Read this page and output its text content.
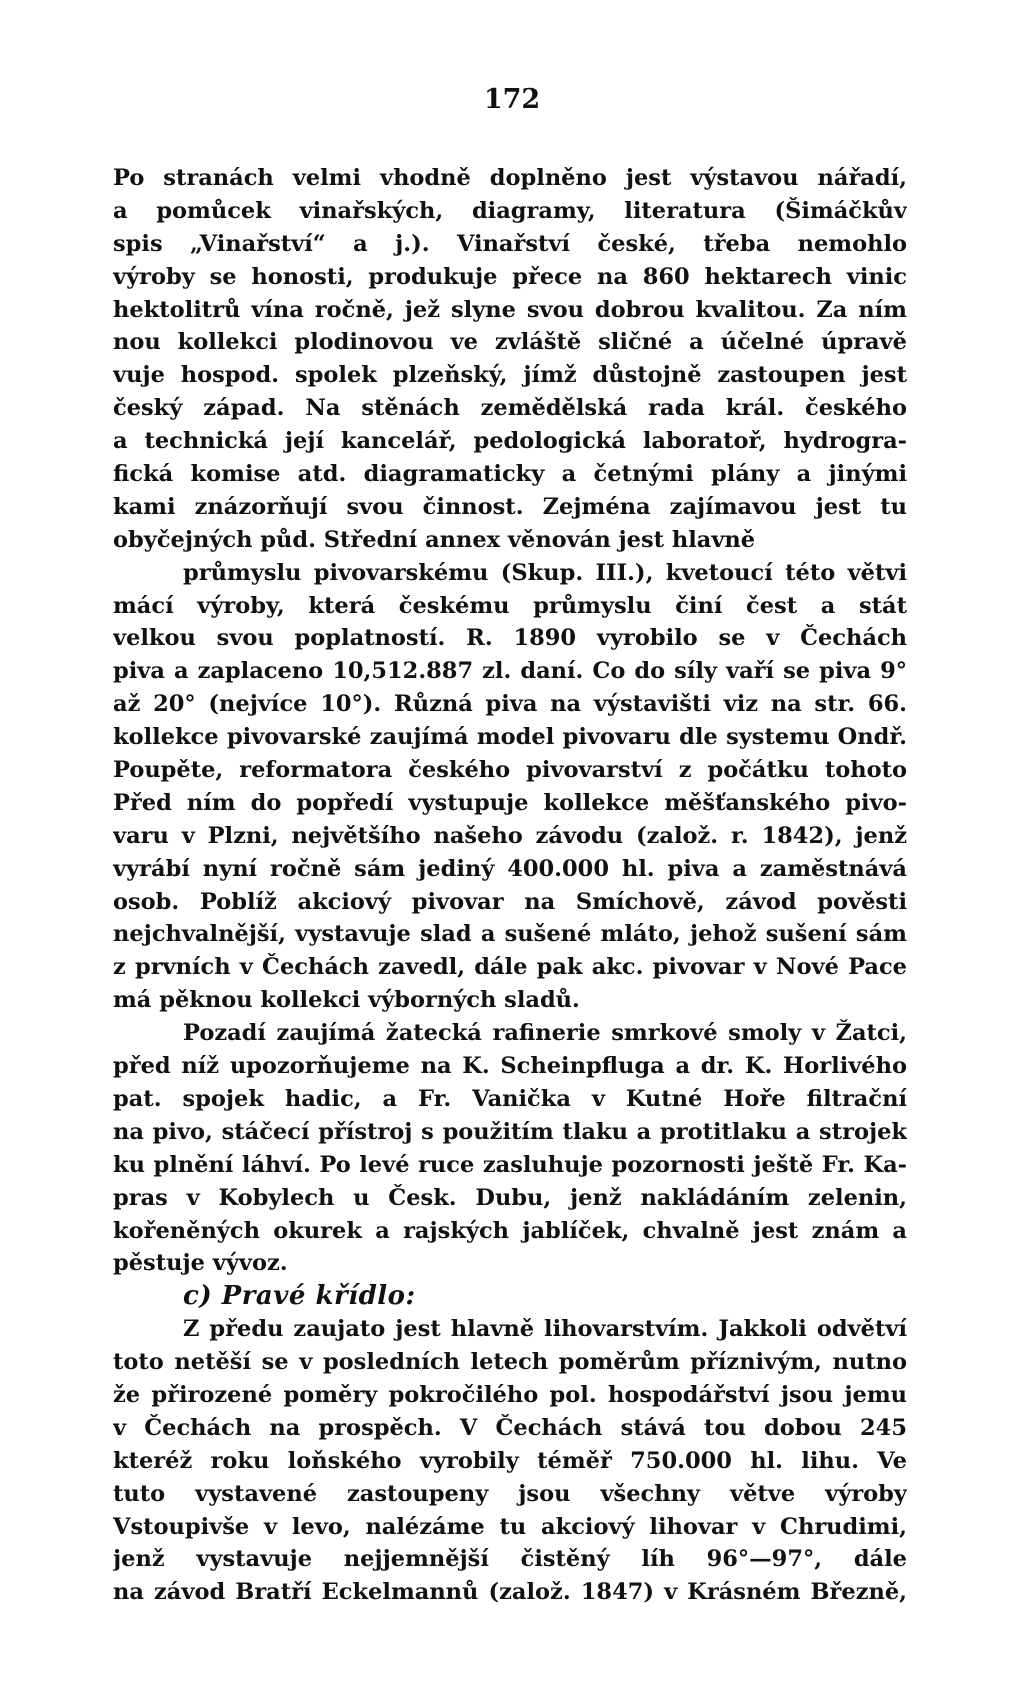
172
Po stranách velmi vhodně doplněno jest výstavou nářadí,
a pomůcek vinařských, diagramy, literatura (Šimáčkův
spis „Vinařství“ a j.). Vinařství české, třeba nemohlo
výroby se honosti, produkuje přece na 860 hektarech vinic
hektolitrů vína ročně, jež slyne svou dobrou kvalitou. Za ním
nou kollekci plodinovou ve zvláště sličné a účelné úpravě
vuje hospod. spolek plzeňský, jímž důstojně zastoupen jest
český západ. Na stěnách zemědělská rada král. českého
a technická její kancelář, pedologická laboratoř, hydrogra-
fická komise atd. diagramaticky a četnými plány a jinými
kami znázorňují svou činnost. Zejména zajímavou jest tu
obyčejných půd. Střední annex věnován jest hlavně
průmyslu pivovarskému (Skup. III.), kvetoucí této větvi
mácí výroby, která českému průmyslu činí čest a stát
velkou svou poplatností. R. 1890 vyrobilo se v Čechách
piva a zaplaceno 10,512.887 zl. daní. Co do síly vaří se piva 9°
až 20° (nejvíce 10°). Různá piva na výstavišti viz na str. 66.
kollekce pivovarské zaujímá model pivovaru dle systemu Ondř.
Poupěte, reformatora českého pivovarství z počátku tohoto
Před ním do popředí vystupuje kollekce měšťanského pivo-
varu v Plzni, největšího našeho závodu (založ. r. 1842), jenž
vyrábí nyní ročně sám jediný 400.000 hl. piva a zaměstnává
osob. Poblíž akciový pivovar na Smíchově, závod pověsti
nejchvalnější, vystavuje slad a sušené mláto, jehož sušení sám
z prvních v Čechách zavedl, dále pak akc. pivovar v Nové Pace
má pěknou kollekci výborných sladů.
Pozadí zaujímá žatecká rafinerie smrkové smoly v Žatci,
před níž upozorňujeme na K. Scheinpfluga a dr. K. Horlivého
pat. spojek hadic, a Fr. Vanička v Kutné Hoře filtrační
na pivo, stáčecí přístroj s použitím tlaku a protitlaku a strojek
ku plnění láhví. Po levé ruce zasluhuje pozornosti ještě Fr. Ka-
pras v Kobylech u Česk. Dubu, jenž nakládáním zelenin,
kořeněných okurek a rajských jablíček, chvalně jest znám a
pěstuje vývoz.
c) Pravé křídlo:
Z předu zaujato jest hlavně lihovarstvím. Jakkoli odvětví
toto netěší se v posledních letech poměrům příznivým, nutno
že přirozené poměry pokročilého pol. hospodářství jsou jemu
v Čechách na prospěch. V Čechách stává tou dobou 245
kteréž roku loňského vyrobily téměř 750.000 hl. lihu. Ve
tuto vystavené zastoupeny jsou všechny větve výroby
Vstoupivše v levo, nalézáme tu akciový lihovar v Chrudimi,
jenž vystavuje nejjemnější čistěný líh 96°—97°, dále
na závod Bratří Eckelmannů (založ. 1847) v Krásném Březně,
